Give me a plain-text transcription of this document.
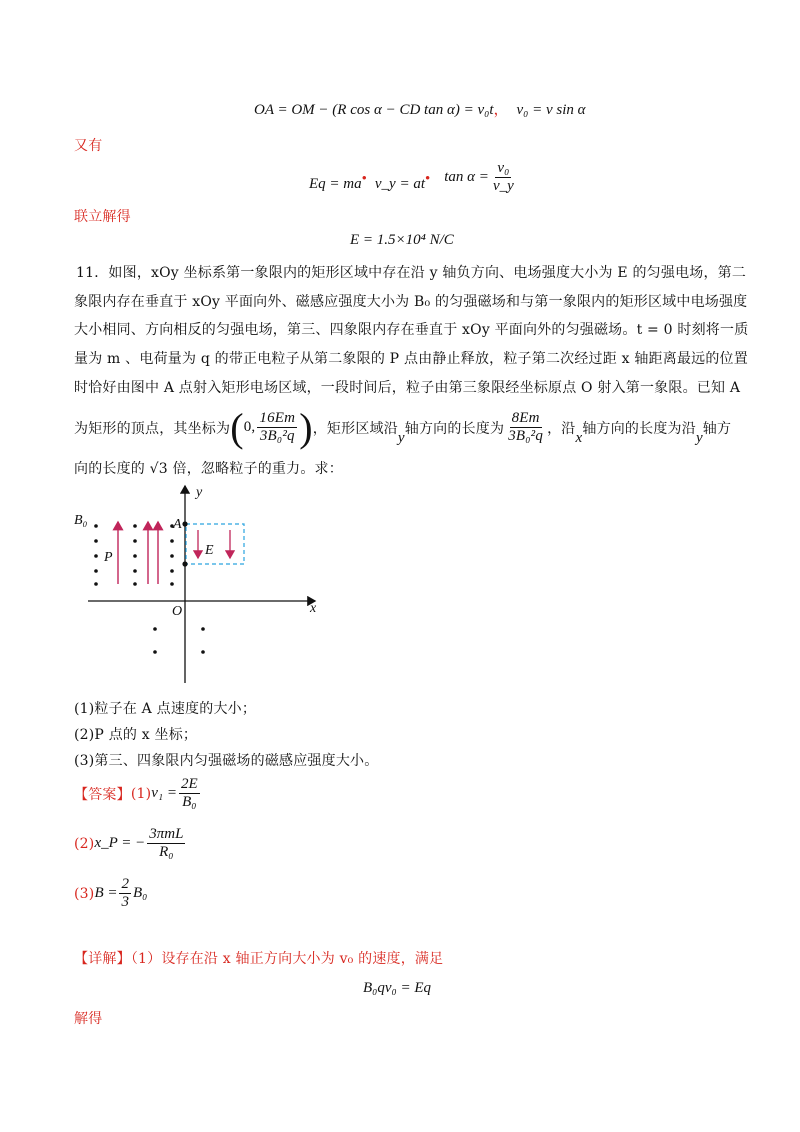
OA = OM − (R cos α − CD tan α) = v₀t， v₀ = v sin α
又有
Eq = ma • v_y = at • $\tan \alpha = \frac{\text{v₀}}{v\_y}$
联立解得
E = 1.5×10⁴ N/C
11．如图，xOy 坐标系第一象限内的矩形区域中存在沿 y 轴负方向、电场强度大小为 E 的匀强电场，第二
象限内存在垂直于 xOy 平面向外、磁感应强度大小为 B₀ 的匀强磁场和与第一象限内的矩形区域中电场强度
大小相同、方向相反的匀强电场，第三、四象限内存在垂直于 xOy 平面向外的匀强磁场。t = 0 时刻将一质
量为 m 、电荷量为 q 的带正电粒子从第二象限的 P 点由静止释放，粒子第二次经过距 x 轴距离最远的位置
时恰好由图中 A 点射入矩形电场区域，一段时间后，粒子由第三象限经坐标原点 O 射入第一象限。已知 A
为矩形的顶点，其坐标为 ( 0, $\frac{16Em}{\text{3B₀²q}}$ ) ，矩形区域沿
y
轴方向的长度为 $\frac{8Em}{\text{3B₀²q}}$ ，沿
x
轴方向的长度为沿
y
轴方
向的长度的 √3 倍，忽略粒子的重力。求：
B₀
P
A
E
O	x
y
(1)粒子在 A 点速度的大小；
(2)P 点的 x 坐标；
(3)第三、四象限内匀强磁场的磁感应强度大小。
【答案】 (1) $v_1 = \frac{2E}{\text{B₀}}$
(2) x_P = − $\frac{\text{3πmL}}{\text{R₀}}$
(3) $B = \frac{2}{3} B_0$
【详解】（1）设存在沿 x 轴正方向大小为 v₀ 的速度，满足
B₀qv₀ = Eq
解得
